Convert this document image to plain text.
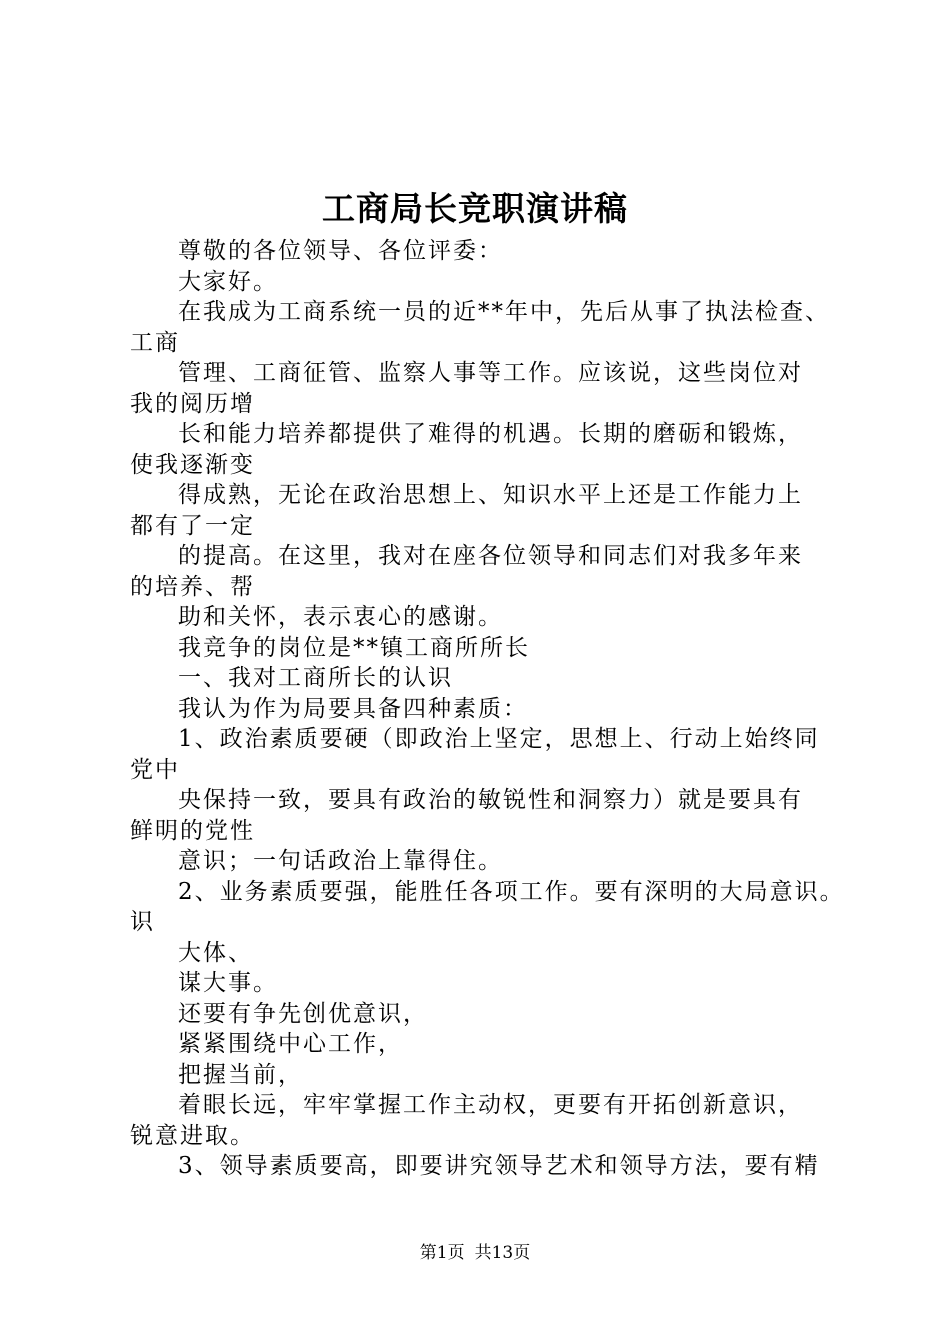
工商局长竞职演讲稿
尊敬的各位领导、各位评委：
大家好。
在我成为工商系统一员的近**年中，先后从事了执法检查、
工商
管理、工商征管、监察人事等工作。应该说，这些岗位对
我的阅历增
长和能力培养都提供了难得的机遇。长期的磨砺和锻炼，
使我逐渐变
得成熟，无论在政治思想上、知识水平上还是工作能力上
都有了一定
的提高。在这里，我对在座各位领导和同志们对我多年来
的培养、帮
助和关怀，表示衷心的感谢。
我竞争的岗位是**镇工商所所长
一、我对工商所长的认识
我认为作为局要具备四种素质：
1、政治素质要硬（即政治上坚定，思想上、行动上始终同
党中
央保持一致，要具有政治的敏锐性和洞察力）就是要具有
鲜明的党性
意识；一句话政治上靠得住。
2、业务素质要强，能胜任各项工作。要有深明的大局意识。
识
大体、
谋大事。
还要有争先创优意识，
紧紧围绕中心工作，
把握当前，
着眼长远，牢牢掌握工作主动权，更要有开拓创新意识，
锐意进取。
3、领导素质要高，即要讲究领导艺术和领导方法，要有精
第1页 共13页
